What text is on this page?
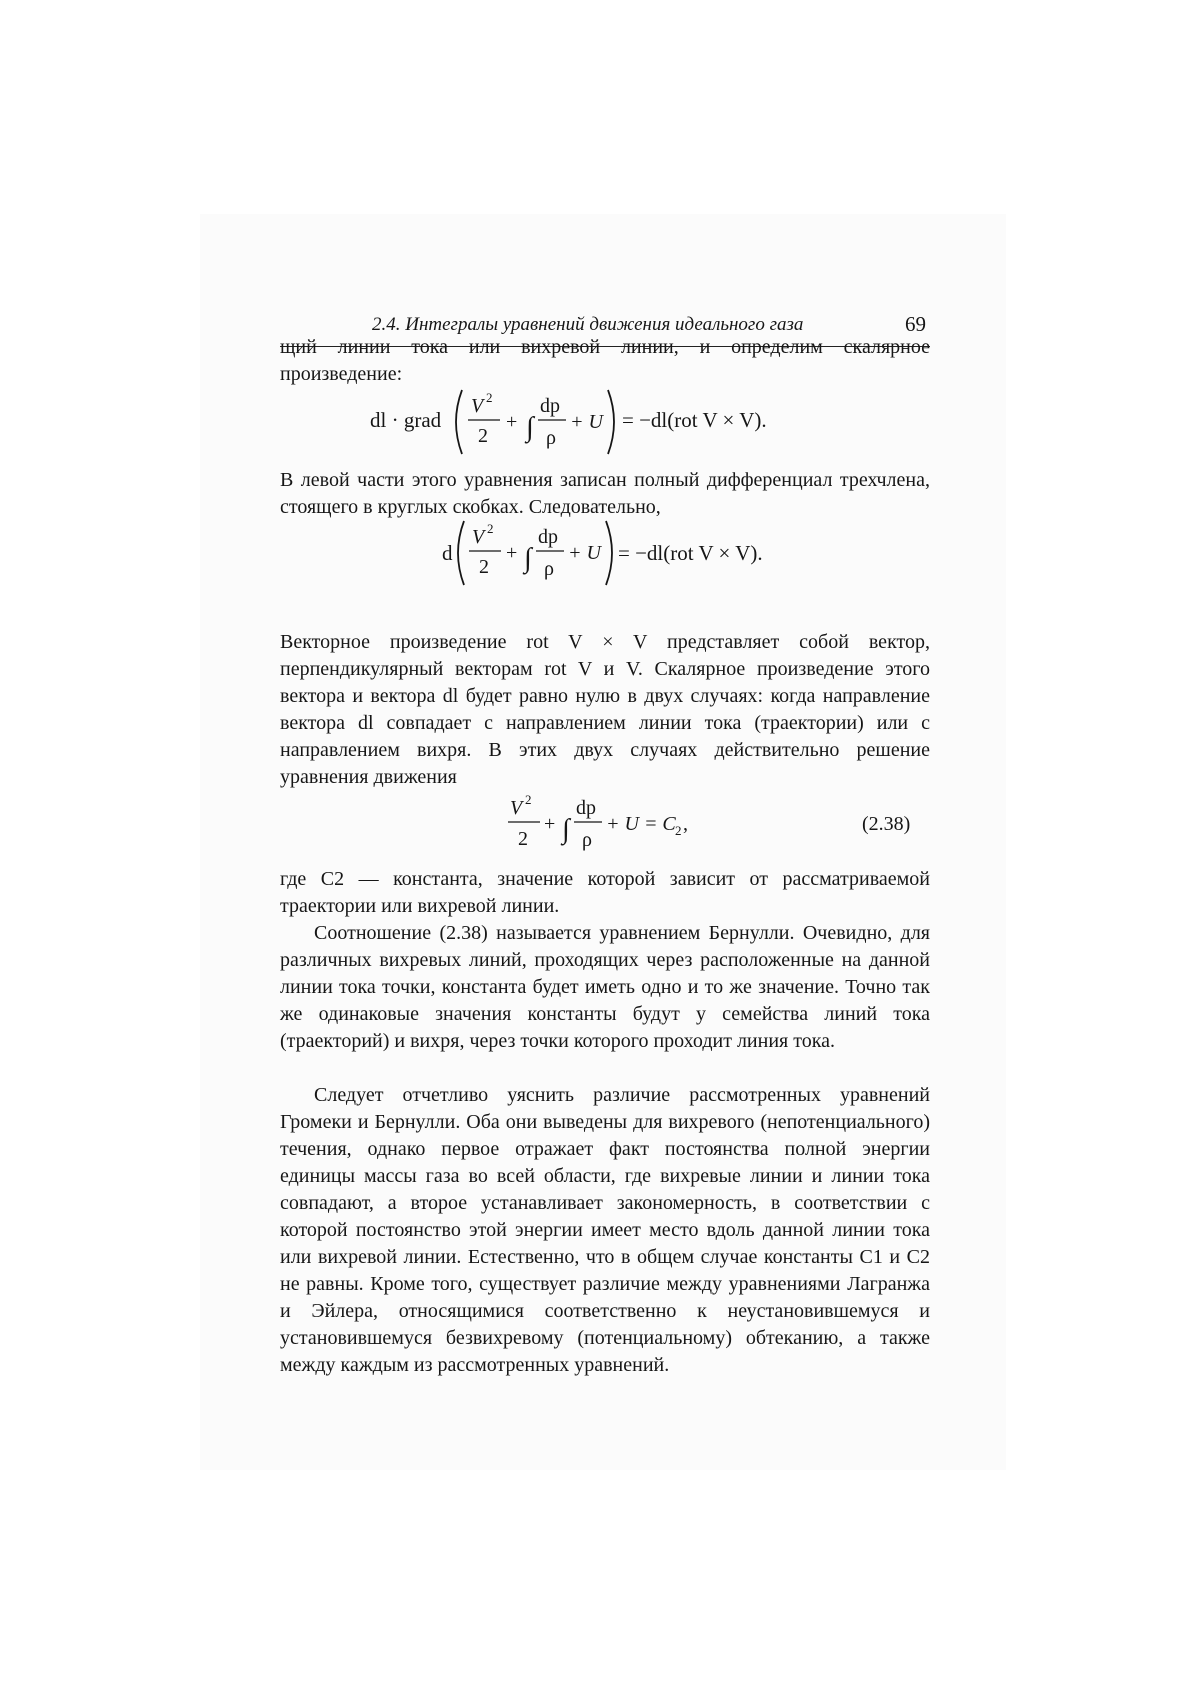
2.4. Интегралы уравнений движения идеального газа	69

щий линии тока или вихревой линии, и определим скалярное произведение:

dl · grad
V 2
2
+ ∫
dp
ρ
+ U = −dl(rot V × V).

В левой части этого уравнения записан полный дифференциал трехчлена, стоящего в круглых скобках. Следовательно,

d
V 2
2
+ ∫
dp
ρ
+ U = −dl(rot V × V).

Векторное произведение rot V × V представляет собой вектор, перпендикулярный векторам rot V и V. Скалярное произведение этого вектора и вектора dl будет равно нулю в двух случаях: когда направление вектора dl совпадает с направлением линии тока (траектории) или с направлением вихря. В этих двух случаях действительно решение уравнения движения

V 2
2
+ ∫
dp
ρ
+ U = C 2 ,	(2.38)

где C2 — константа, значение которой зависит от рассматриваемой траектории или вихревой линии.

Соотношение (2.38) называется уравнением Бернулли. Очевидно, для различных вихревых линий, проходящих через расположенные на данной линии тока точки, константа будет иметь одно и то же значение. Точно так же одинаковые значения константы будут у семейства линий тока (траекторий) и вихря, через точки которого проходит линия тока.

Следует отчетливо уяснить различие рассмотренных уравнений Громеки и Бернулли. Оба они выведены для вихревого (непотенциального) течения, однако первое отражает факт постоянства полной энергии единицы массы газа во всей области, где вихревые линии и линии тока совпадают, а второе устанавливает закономерность, в соответствии с которой постоянство этой энергии имеет место вдоль данной линии тока или вихревой линии. Естественно, что в общем случае константы C1 и C2 не равны. Кроме того, существует различие между уравнениями Лагранжа и Эйлера, относящимися соответственно к неустановившемуся и установившемуся безвихревому (потенциальному) обтеканию, а также между каждым из рассмотренных уравнений.
